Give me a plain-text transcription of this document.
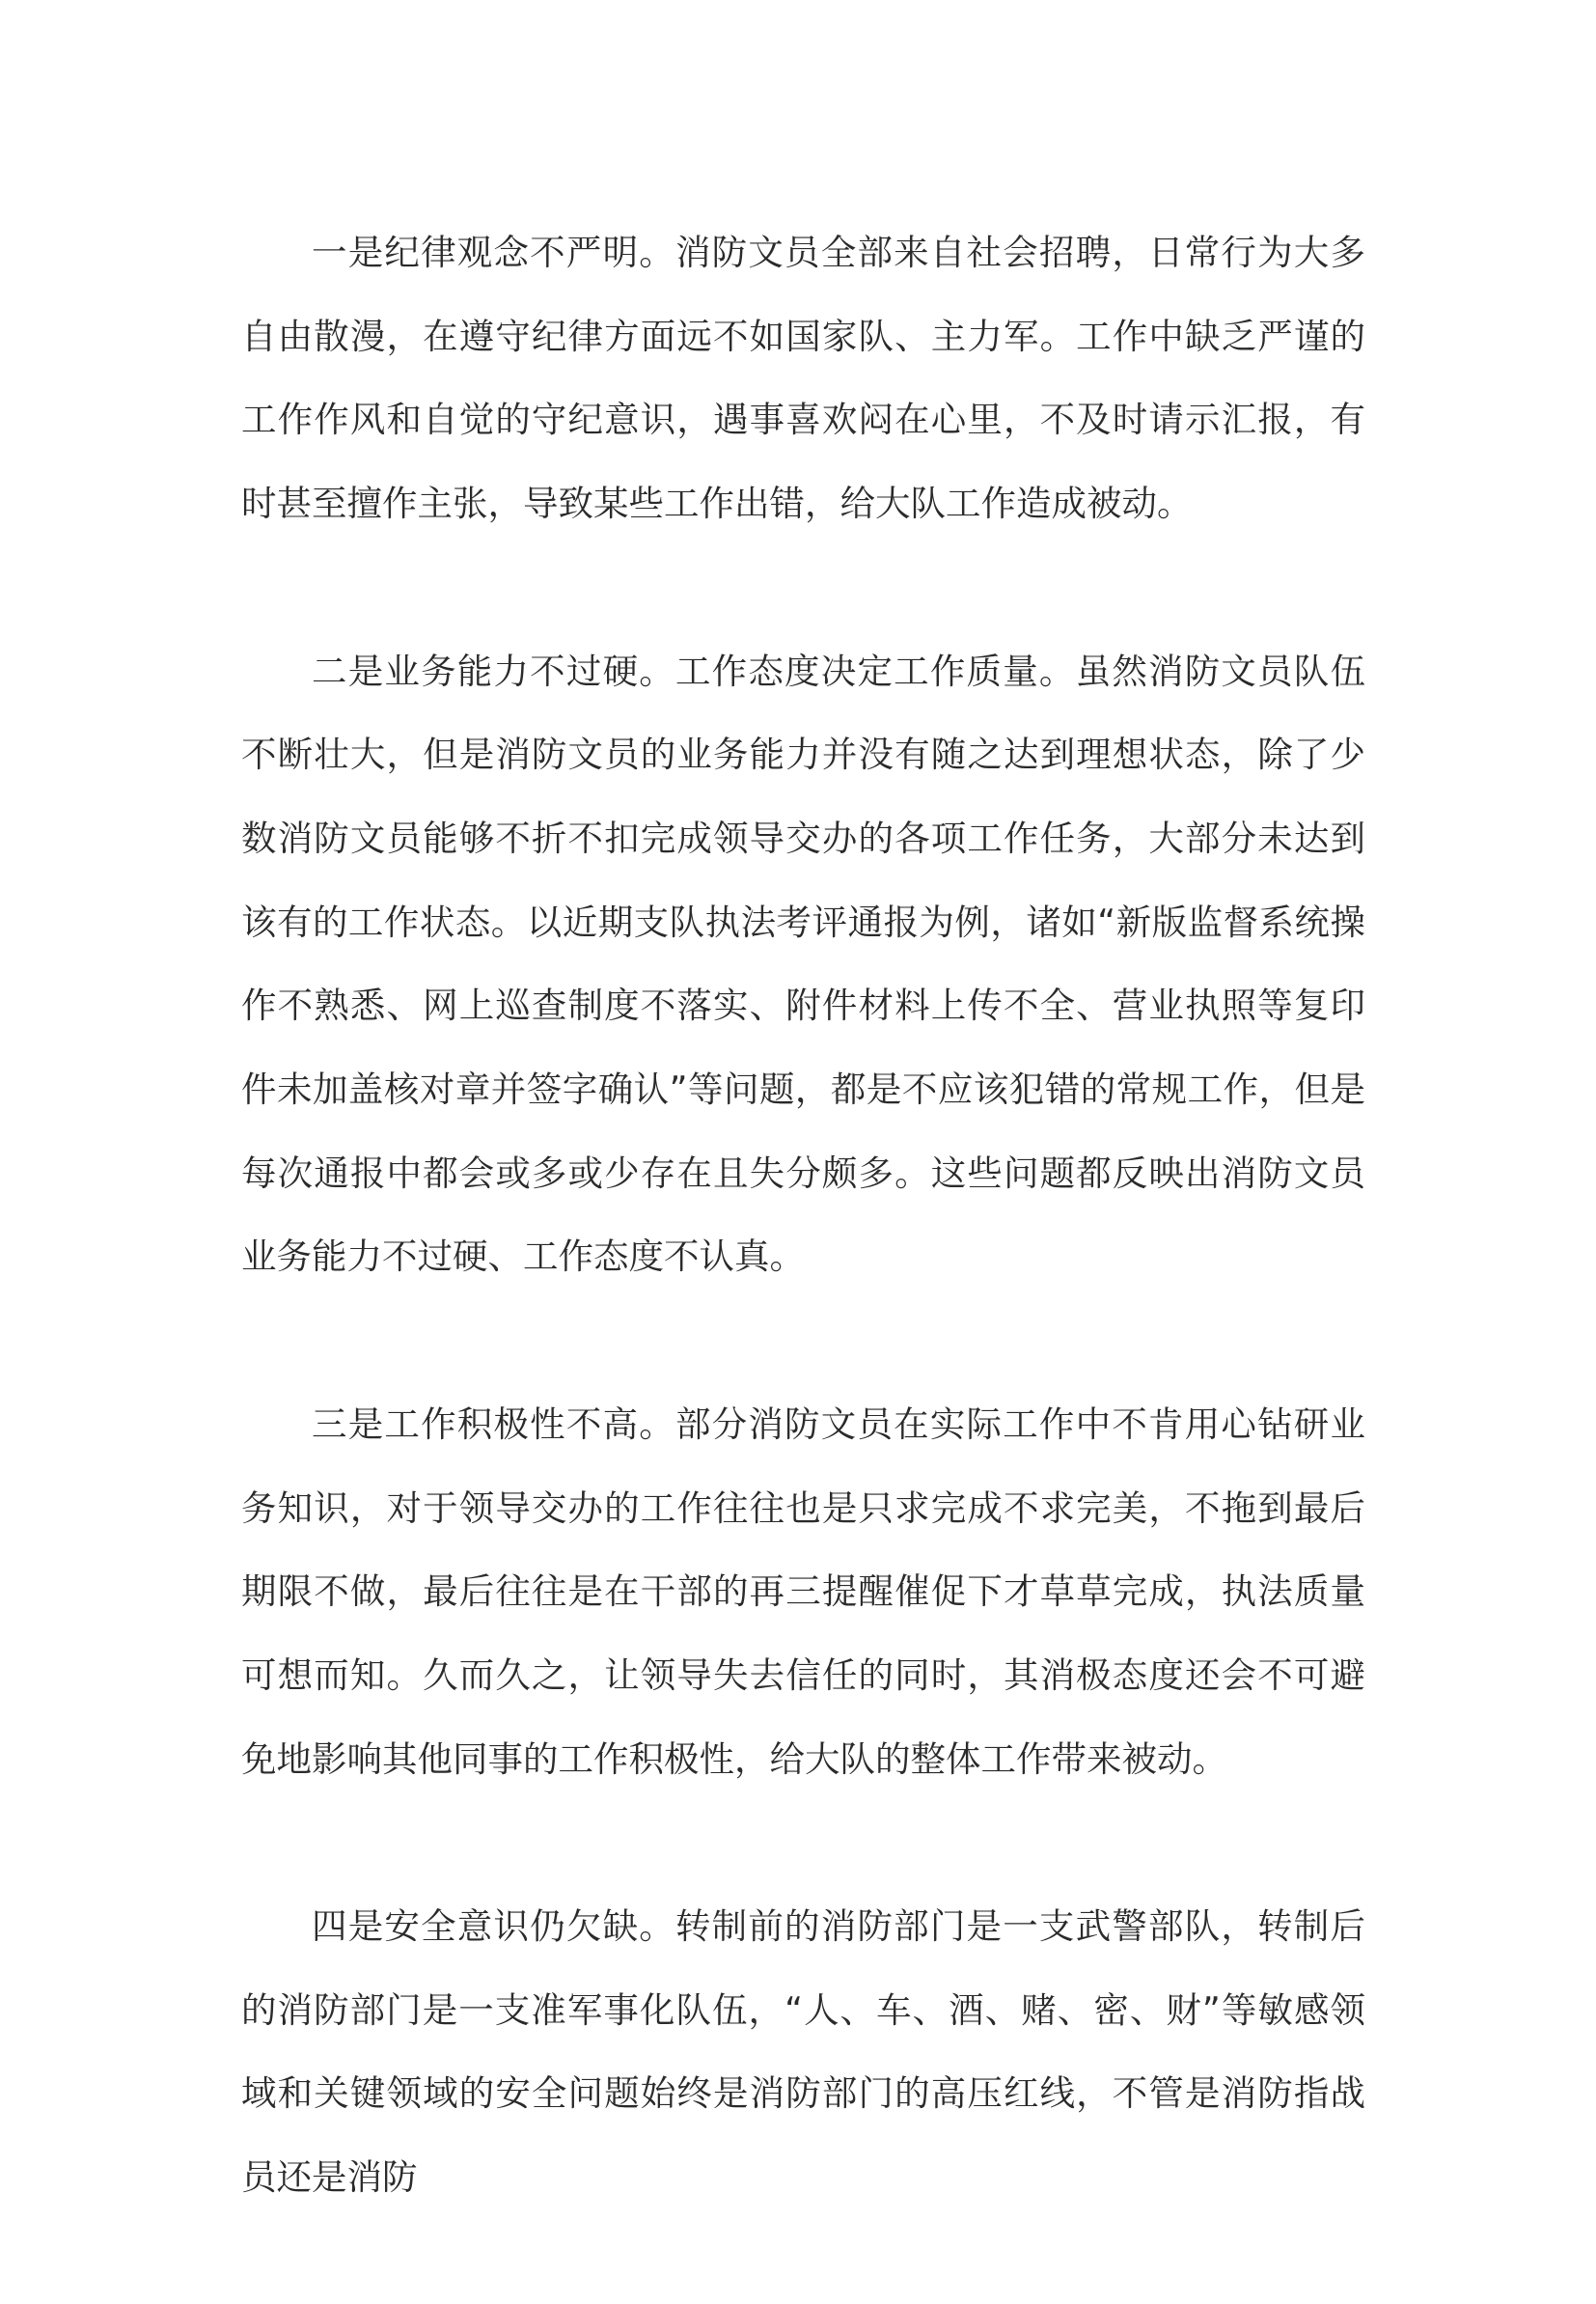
一是纪律观念不严明。消防文员全部来自社会招聘，日常行为大多自由散漫，在遵守纪律方面远不如国家队、主力军。工作中缺乏严谨的工作作风和自觉的守纪意识，遇事喜欢闷在心里，不及时请示汇报，有时甚至擅作主张，导致某些工作出错，给大队工作造成被动。

二是业务能力不过硬。工作态度决定工作质量。虽然消防文员队伍不断壮大，但是消防文员的业务能力并没有随之达到理想状态，除了少数消防文员能够不折不扣完成领导交办的各项工作任务，大部分未达到该有的工作状态。以近期支队执法考评通报为例，诸如“新版监督系统操作不熟悉、网上巡查制度不落实、附件材料上传不全、营业执照等复印件未加盖核对章并签字确认”等问题，都是不应该犯错的常规工作，但是每次通报中都会或多或少存在且失分颇多。这些问题都反映出消防文员业务能力不过硬、工作态度不认真。

三是工作积极性不高。部分消防文员在实际工作中不肯用心钻研业务知识，对于领导交办的工作往往也是只求完成不求完美，不拖到最后期限不做，最后往往是在干部的再三提醒催促下才草草完成，执法质量可想而知。久而久之，让领导失去信任的同时，其消极态度还会不可避免地影响其他同事的工作积极性，给大队的整体工作带来被动。

四是安全意识仍欠缺。转制前的消防部门是一支武警部队，转制后的消防部门是一支准军事化队伍，“人、车、酒、赌、密、财”等敏感领域和关键领域的安全问题始终是消防部门的高压红线，不管是消防指战员还是消防
